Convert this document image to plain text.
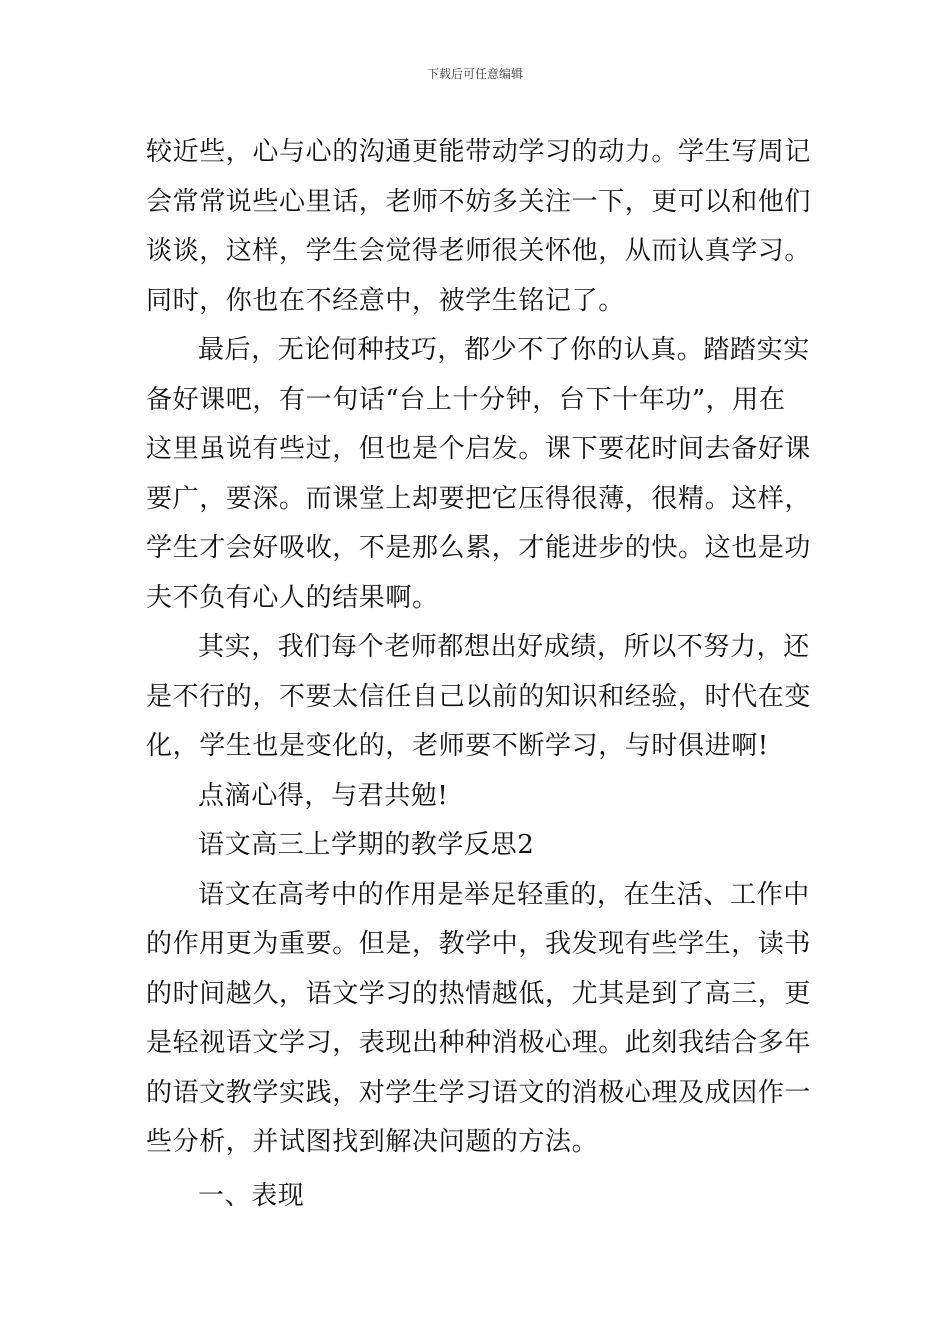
下载后可任意编辑
较近些，心与心的沟通更能带动学习的动力。学生写周记
会常常说些心里话，老师不妨多关注一下，更可以和他们
谈谈，这样，学生会觉得老师很关怀他，从而认真学习。
同时，你也在不经意中，被学生铭记了。
最后，无论何种技巧，都少不了你的认真。踏踏实实
备好课吧，有一句话“台上十分钟，台下十年功”，用在
这里虽说有些过，但也是个启发。课下要花时间去备好课
要广，要深。而课堂上却要把它压得很薄，很精。这样，
学生才会好吸收，不是那么累，才能进步的快。这也是功
夫不负有心人的结果啊。
其实，我们每个老师都想出好成绩，所以不努力，还
是不行的，不要太信任自己以前的知识和经验，时代在变
化，学生也是变化的，老师要不断学习，与时俱进啊!
点滴心得，与君共勉!
语文高三上学期的教学反思2
语文在高考中的作用是举足轻重的，在生活、工作中
的作用更为重要。但是，教学中，我发现有些学生，读书
的时间越久，语文学习的热情越低，尤其是到了高三，更
是轻视语文学习，表现出种种消极心理。此刻我结合多年
的语文教学实践，对学生学习语文的消极心理及成因作一
些分析，并试图找到解决问题的方法。
一、表现
